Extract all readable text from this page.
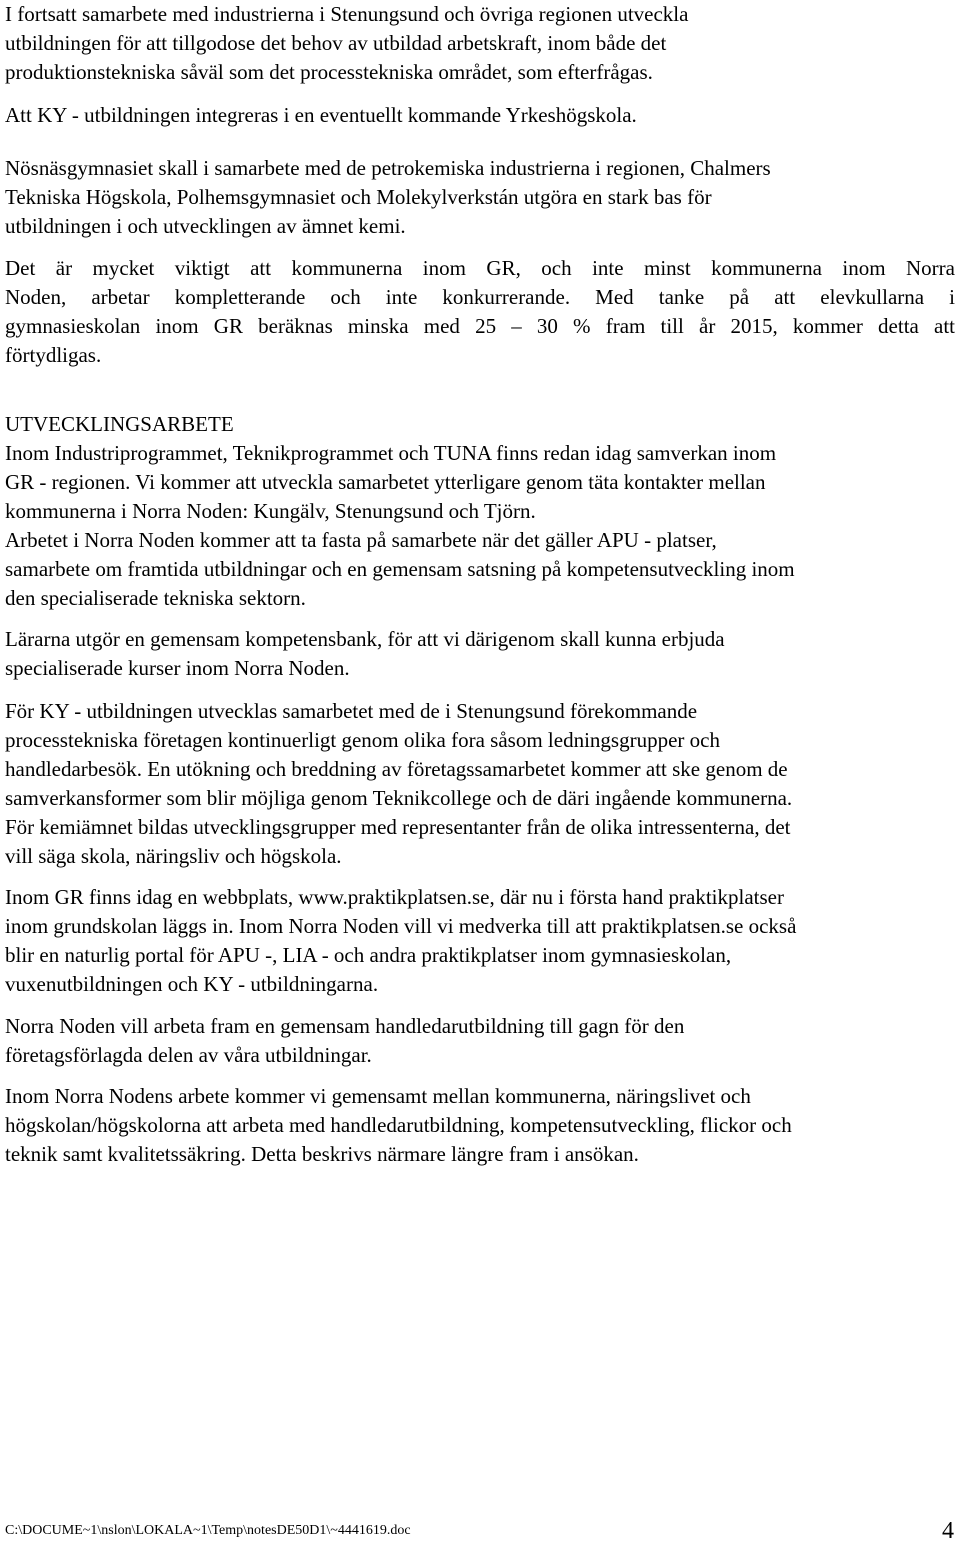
I fortsatt samarbete med industrierna i Stenungsund och övriga regionen utveckla
utbildningen för att tillgodose det behov av utbildad arbetskraft, inom både det
produktionstekniska såväl som det processtekniska området, som efterfrågas.
Att KY - utbildningen integreras i en eventuellt kommande Yrkeshögskola.
Nösnäsgymnasiet skall i samarbete med de petrokemiska industrierna i regionen, Chalmers
Tekniska Högskola, Polhemsgymnasiet och Molekylverkstán utgöra en stark bas för
utbildningen i och utvecklingen av ämnet kemi.
Det är mycket viktigt att kommunerna inom GR, och inte minst kommunerna inom Norra
Noden, arbetar kompletterande och inte konkurrerande. Med tanke på att elevkullarna i
gymnasieskolan inom GR beräknas minska med 25 – 30 % fram till år 2015, kommer detta att
förtydligas.
UTVECKLINGSARBETE
Inom Industriprogrammet, Teknikprogrammet och TUNA finns redan idag samverkan inom
GR - regionen. Vi kommer att utveckla samarbetet ytterligare genom täta kontakter mellan
kommunerna i Norra Noden: Kungälv, Stenungsund och Tjörn.
Arbetet i Norra Noden kommer att ta fasta på samarbete när det gäller APU - platser,
samarbete om framtida utbildningar och en gemensam satsning på kompetensutveckling inom
den specialiserade tekniska sektorn.
Lärarna utgör en gemensam kompetensbank, för att vi därigenom skall kunna erbjuda
specialiserade kurser inom Norra Noden.
För KY - utbildningen utvecklas samarbetet med de i Stenungsund förekommande
processtekniska företagen kontinuerligt genom olika fora såsom ledningsgrupper och
handledarbesök. En utökning och breddning av företagssamarbetet kommer att ske genom de
samverkansformer som blir möjliga genom Teknikcollege och de däri ingående kommunerna.
För kemiämnet bildas utvecklingsgrupper med representanter från de olika intressenterna, det
vill säga skola, näringsliv och högskola.
Inom GR finns idag en webbplats, www.praktikplatsen.se, där nu i första hand praktikplatser
inom grundskolan läggs in. Inom Norra Noden vill vi medverka till att praktikplatsen.se också
blir en naturlig portal för APU -, LIA - och andra praktikplatser inom gymnasieskolan,
vuxenutbildningen och KY - utbildningarna.
Norra Noden vill arbeta fram en gemensam handledarutbildning till gagn för den
företagsförlagda delen av våra utbildningar.
Inom Norra Nodens arbete kommer vi gemensamt mellan kommunerna, näringslivet och
högskolan/högskolorna att arbeta med handledarutbildning, kompetensutveckling, flickor och
teknik samt kvalitetssäkring. Detta beskrivs närmare längre fram i ansökan.
C:\DOCUME~1\nslon\LOKALA~1\Temp\notesDE50D1\~4441619.doc	4
